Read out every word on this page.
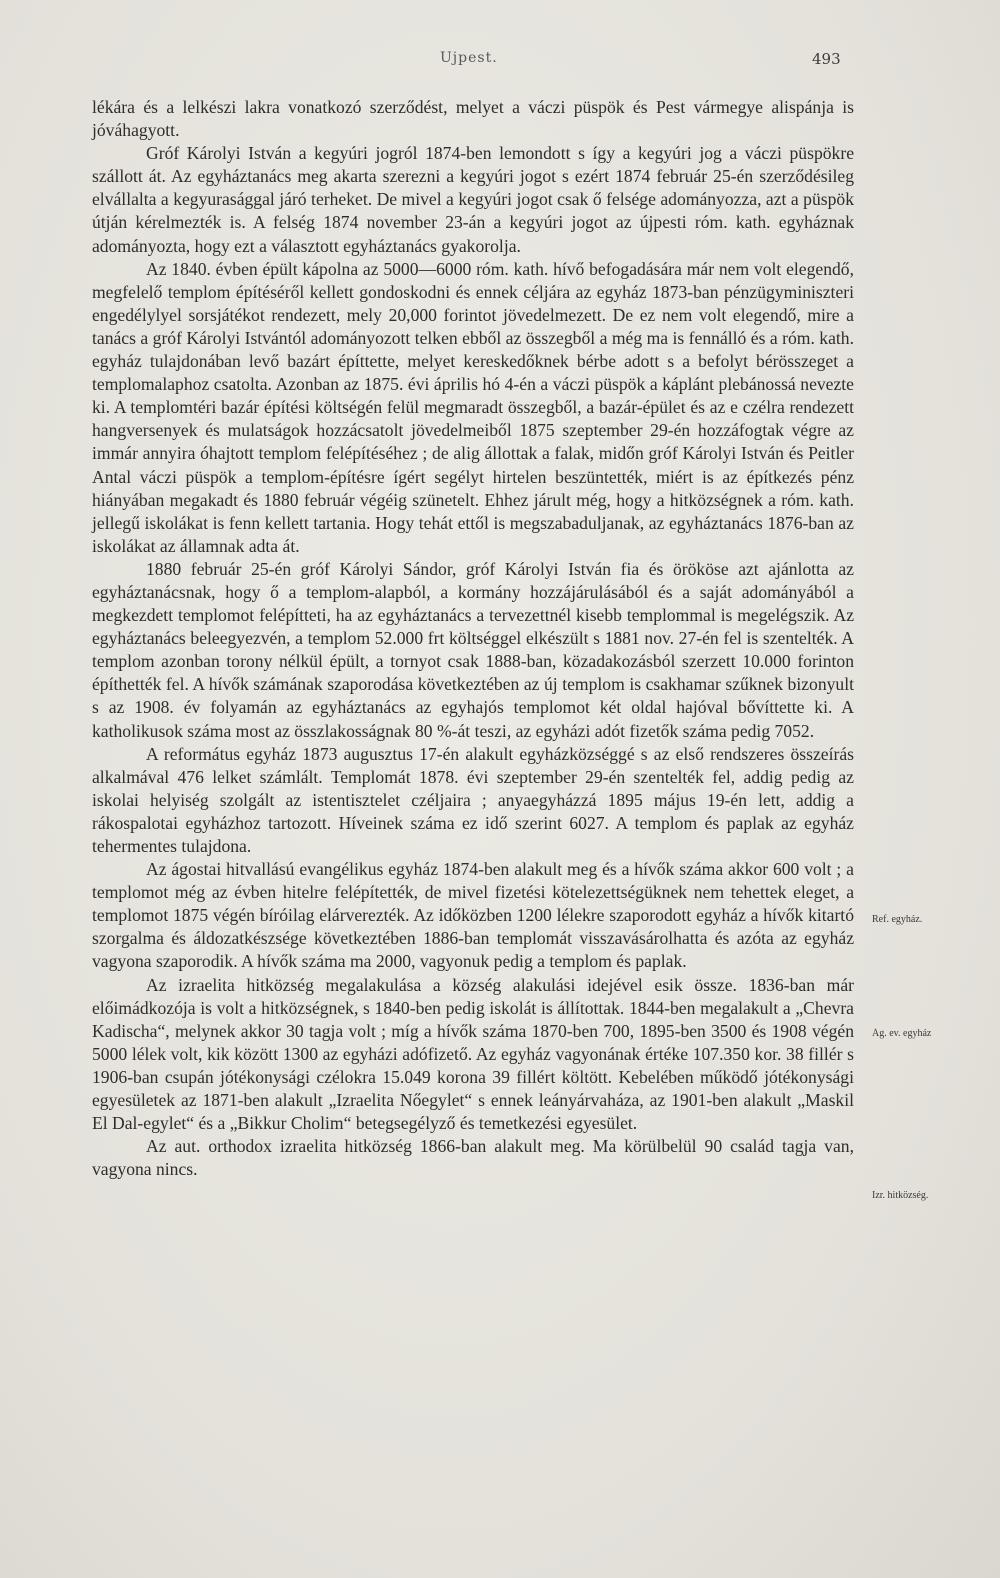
Ujpest.	493

lékára és a lelkészi lakra vonatkozó szerződést, melyet a váczi püspök és Pest vármegye alispánja is jóváhagyott.

Gróf Károlyi István a kegyúri jogról 1874-ben lemondott s így a kegyúri jog a váczi püspökre szállott át. Az egyháztanács meg akarta szerezni a kegyúri jogot s ezért 1874 február 25-én szerződésileg elvállalta a kegyurasággal járó terheket. De mivel a kegyúri jogot csak ő felsége adományozza, azt a püspök útján kérelmezték is. A felség 1874 november 23-án a kegyúri jogot az újpesti róm. kath. egyháznak adományozta, hogy ezt a választott egyháztanács gyakorolja.

Az 1840. évben épült kápolna az 5000—6000 róm. kath. hívő befogadására már nem volt elegendő, megfelelő templom építéséről kellett gondoskodni és ennek céljára az egyház 1873-ban pénzügyminiszteri engedélylyel sorsjátékot rendezett, mely 20,000 forintot jövedelmezett. De ez nem volt elegendő, mire a tanács a gróf Károlyi Istvántól adományozott telken ebből az összegből a még ma is fennálló és a róm. kath. egyház tulajdonában levő bazárt építtette, melyet kereskedőknek bérbe adott s a befolyt bérösszeget a templomalaphoz csatolta. Azonban az 1875. évi április hó 4-én a váczi püspök a káplánt plebánossá nevezte ki. A templomtéri bazár építési költségén felül megmaradt összegből, a bazár-épület és az e czélra rendezett hangversenyek és mulatságok hozzácsatolt jövedelmeiből 1875 szeptember 29-én hozzáfogtak végre az immár annyira óhajtott templom felépítéséhez ; de alig állottak a falak, midőn gróf Károlyi István és Peitler Antal váczi püspök a templom-építésre ígért segélyt hirtelen beszüntették, miért is az építkezés pénz hiányában megakadt és 1880 február végéig szünetelt. Ehhez járult még, hogy a hitközségnek a róm. kath. jellegű iskolákat is fenn kellett tartania. Hogy tehát ettől is megszabaduljanak, az egyháztanács 1876-ban az iskolákat az államnak adta át.

1880 február 25-én gróf Károlyi Sándor, gróf Károlyi István fia és örököse azt ajánlotta az egyháztanácsnak, hogy ő a templom-alapból, a kormány hozzájárulásából és a saját adományából a megkezdett templomot felépítteti, ha az egyháztanács a tervezettnél kisebb templommal is megelégszik. Az egyháztanács beleegyezvén, a templom 52.000 frt költséggel elkészült s 1881 nov. 27-én fel is szentelték. A templom azonban torony nélkül épült, a tornyot csak 1888-ban, közadakozásból szerzett 10.000 forinton építhették fel. A hívők számának szaporodása következtében az új templom is csakhamar szűknek bizonyult s az 1908. év folyamán az egyháztanács az egyhajós templomot két oldal hajóval bővíttette ki. A katholikusok száma most az összlakosságnak 80 %-át teszi, az egyházi adót fizetők száma pedig 7052.

A református egyház 1873 augusztus 17-én alakult egyházközséggé s az első rendszeres összeírás alkalmával 476 lelket számlált. Templomát 1878. évi szeptember 29-én szentelték fel, addig pedig az iskolai helyiség szolgált az istentisztelet czéljaira ; anyaegyházzá 1895 május 19-én lett, addig a rákospalotai egyházhoz tartozott. Híveinek száma ez idő szerint 6027. A templom és paplak az egyház tehermentes tulajdona.

Az ágostai hitvallású evangélikus egyház 1874-ben alakult meg és a hívők száma akkor 600 volt ; a templomot még az évben hitelre felépítették, de mivel fizetési kötelezettségüknek nem tehettek eleget, a templomot 1875 végén bíróilag elárverezték. Az időközben 1200 lélekre szaporodott egyház a hívők kitartó szorgalma és áldozatkészsége következtében 1886-ban templomát visszavásárolhatta és azóta az egyház vagyona szaporodik. A hívők száma ma 2000, vagyonuk pedig a templom és paplak.

Az izraelita hitközség megalakulása a község alakulási idejével esik össze. 1836-ban már előimádkozója is volt a hitközségnek, s 1840-ben pedig iskolát is állítottak. 1844-ben megalakult a „Chevra Kadischa“, melynek akkor 30 tagja volt ; míg a hívők száma 1870-ben 700, 1895-ben 3500 és 1908 végén 5000 lélek volt, kik között 1300 az egyházi adófizető. Az egyház vagyonának értéke 107.350 kor. 38 fillér s 1906-ban csupán jótékonysági czélokra 15.049 korona 39 fillért költött. Kebelében működő jótékonysági egyesületek az 1871-ben alakult „Izraelita Nőegylet“ s ennek leányárvaháza, az 1901-ben alakult „Maskil El Dal-egylet“ és a „Bikkur Cholim“ betegsegélyző és temetkezési egyesület.

Az aut. orthodox izraelita hitközség 1866-ban alakult meg. Ma körülbelül 90 család tagja van, vagyona nincs.

Ref. egyház.
Ág. ev. egyház
Izr. hitközség.
